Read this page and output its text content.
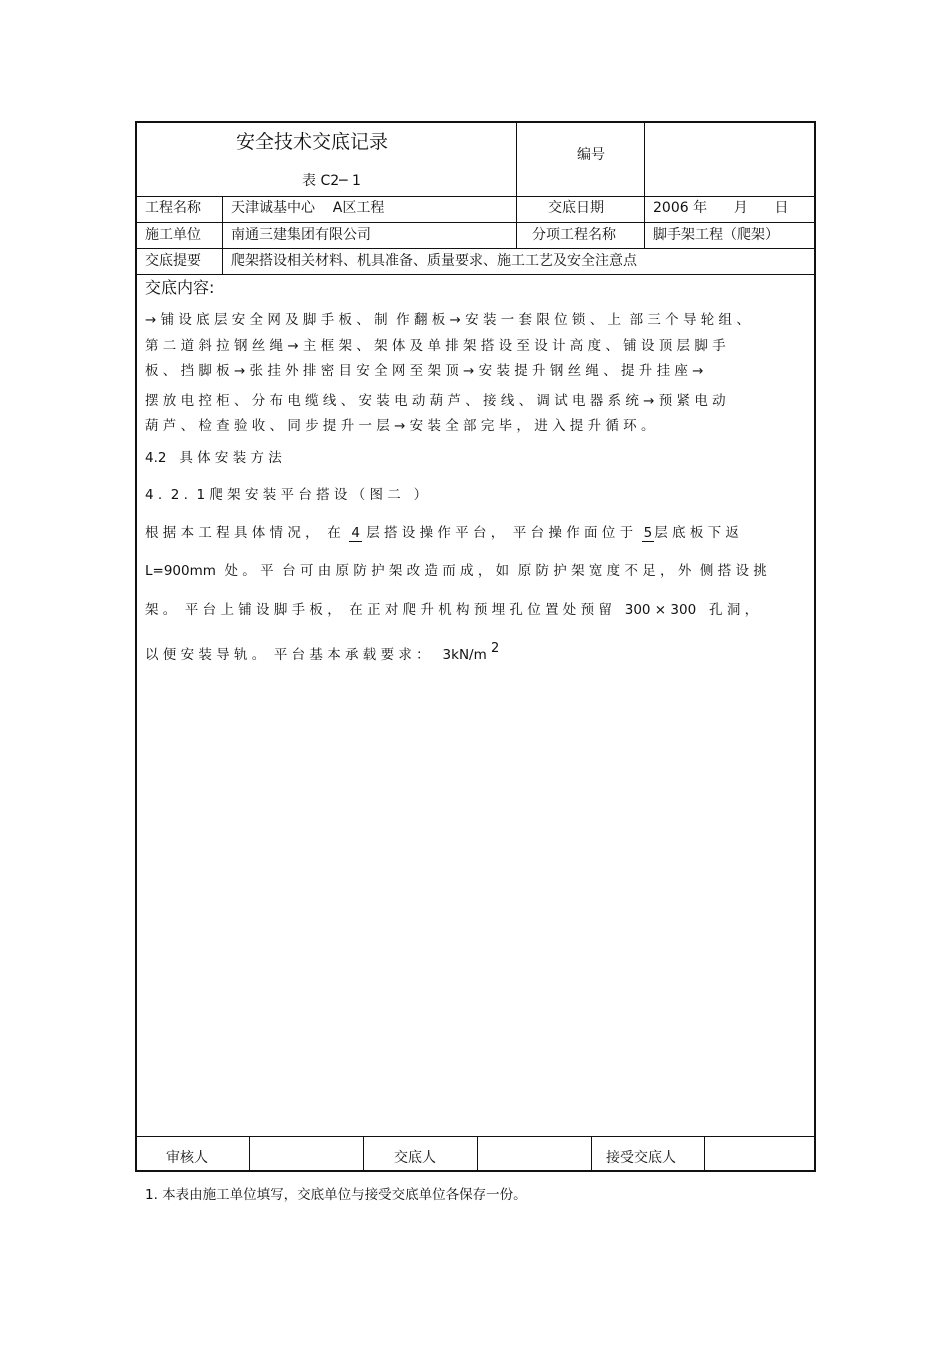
安全技术交底记录
表 C2─ 1
编号
工程名称 天津诚基中心    A区工程	交底日期	2006 年      月      日
施工单位 南通三建集团有限公司	分项工程名称	脚手架工程（爬架）
交底提要 爬架搭设相关材料、机具准备、质量要求、施工工艺及安全注意点
交底内容:
→ 铺 设 底 层 安 全 网 及 脚 手 板 、 制  作 翻 板 → 安 装 一 套 限 位 锁 、 上  部 三 个 导 轮 组 、
第 二 道 斜 拉 钢 丝 绳 → 主 框 架 、 架 体 及 单 排 架 搭 设 至 设 计 高 度 、 铺 设 顶 层 脚 手
板 、 挡 脚 板 → 张 挂 外 排 密 目 安 全 网 至 架 顶 → 安 装 提 升 钢 丝 绳 、 提 升 挂 座 →
摆 放 电 控 柜 、 分 布 电 缆 线 、 安 装 电 动 葫 芦 、 接 线 、 调 试 电 器 系 统 → 预 紧 电 动
葫 芦 、 检 查 验 收 、 同 步 提 升 一 层 → 安 装 全 部 完 毕 ， 进 入 提 升 循 环 。
4.2   具 体 安 装 方 法
4 .  2 .  1 爬 架 安 装 平 台 搭 设 （ 图 二   ）
根 据 本 工 程 具 体 情 况 ，  在 4 层 搭 设 操 作 平 台 ，  平 台 操 作 面 位 于 5 层 底 板 下 返
L=900mm  处 。 平  台 可 由 原 防 护 架 改 造 而 成 ， 如  原 防 护 架 宽 度 不 足 ， 外  侧 搭 设 挑
架 。  平 台 上 铺 设 脚 手 板 ，  在 正 对 爬 升 机 构 预 埋 孔 位 置 处 预 留   300 × 300   孔 洞 ，
以 便 安 装 导 轨 。  平 台 基 本 承 载 要 求 ：   3kN/m 2
审核人	交底人	接受交底人
1. 本表由施工单位填写，交底单位与接受交底单位各保存一份。
